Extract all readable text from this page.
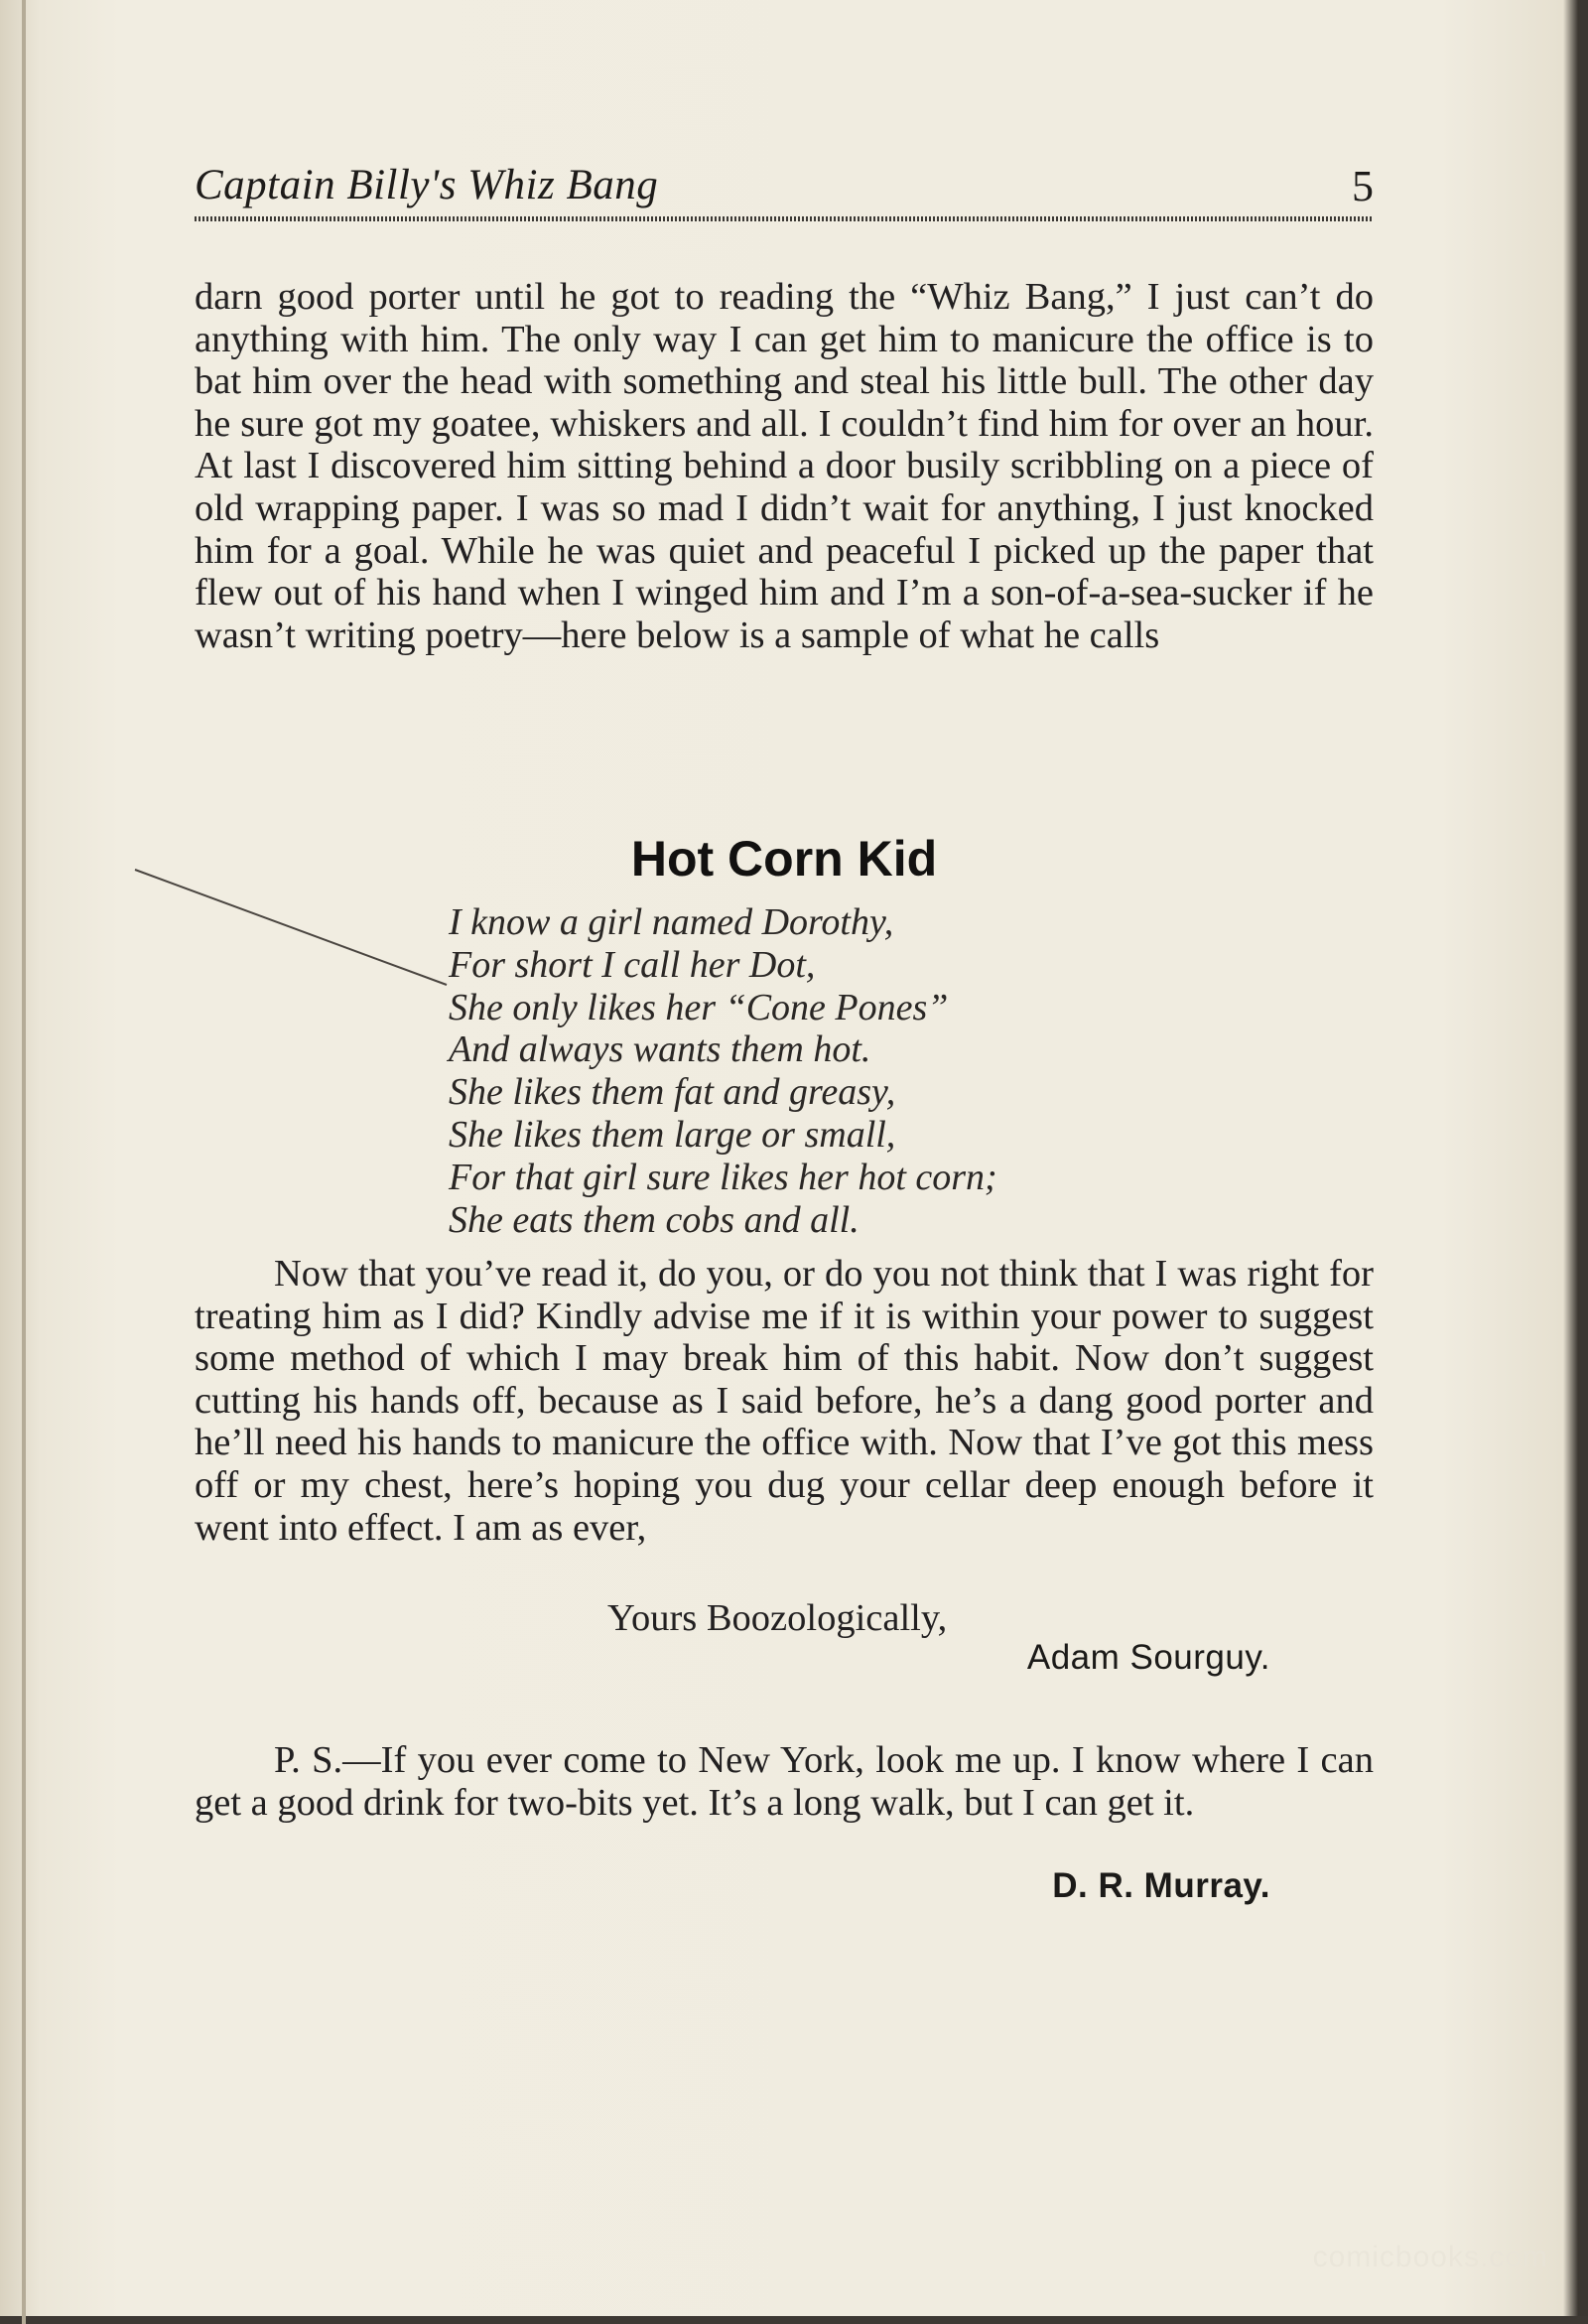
Captain Billy's Whiz Bang	5

darn good porter until he got to reading the “Whiz Bang,” I just can’t do anything with him. The only way I can get him to manicure the office is to bat him over the head with something and steal his little bull. The other day he sure got my goatee, whiskers and all. I couldn’t find him for over an hour. At last I discovered him sitting behind a door busily scribbling on a piece of old wrapping paper. I was so mad I didn’t wait for anything, I just knocked him for a goal. While he was quiet and peaceful I picked up the paper that flew out of his hand when I winged him and I’m a son-of-a-sea-sucker if he wasn’t writing poetry—here below is a sample of what he calls

Hot Corn Kid
I know a girl named Dorothy,
For short I call her Dot,
She only likes her “Cone Pones”
And always wants them hot.
She likes them fat and greasy,
She likes them large or small,
For that girl sure likes her hot corn;
She eats them cobs and all.

Now that you’ve read it, do you, or do you not think that I was right for treating him as I did? Kindly advise me if it is within your power to suggest some method of which I may break him of this habit. Now don’t suggest cutting his hands off, because as I said before, he’s a dang good porter and he’ll need his hands to manicure the office with. Now that I’ve got this mess off or my chest, here’s hoping you dug your cellar deep enough before it went into effect. I am as ever,

Yours Boozologically,
Adam Sourguy.

P. S.—If you ever come to New York, look me up. I know where I can get a good drink for two-bits yet. It’s a long walk, but I can get it.

D. R. Murray.
comicbooks.com
